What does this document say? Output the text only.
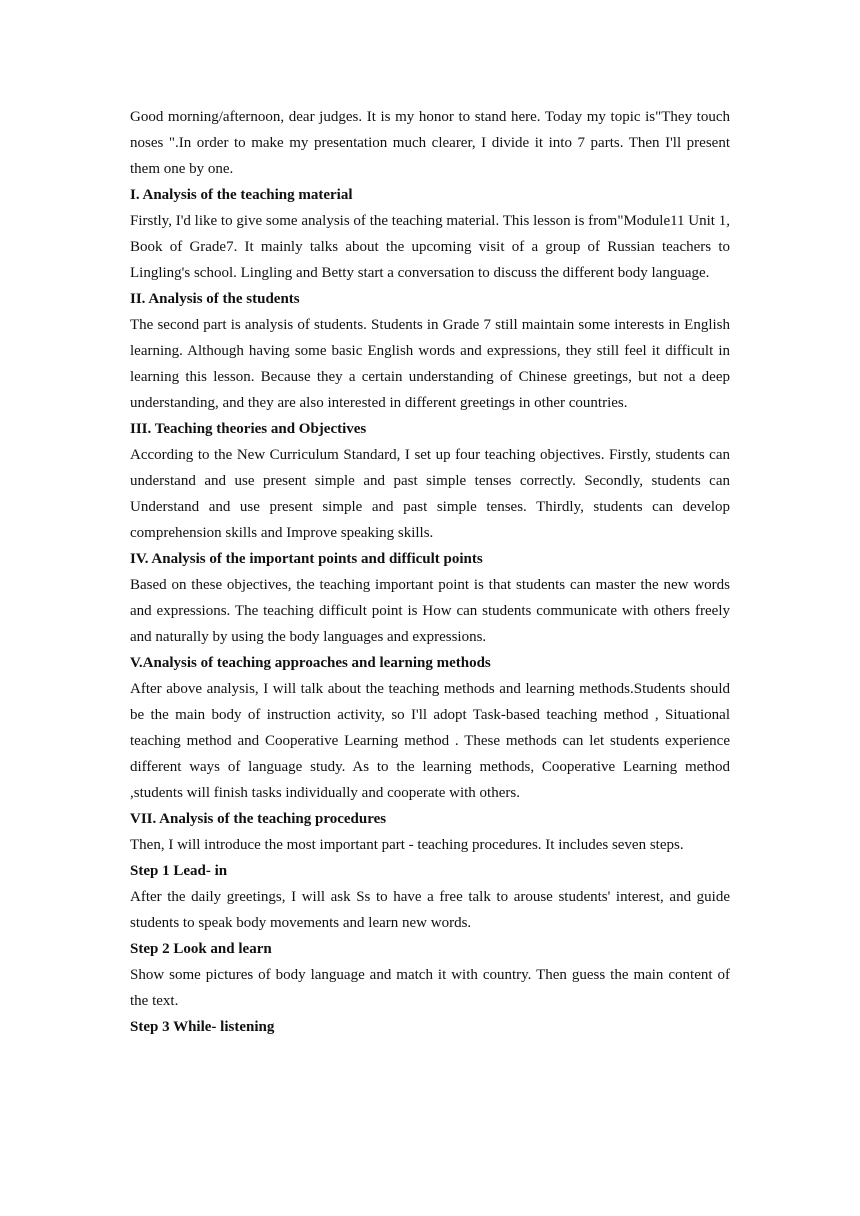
Good morning/afternoon, dear judges. It is my honor to stand here. Today my topic is"They touch noses ".In order to make my presentation much clearer, I divide it into 7 parts. Then I'll present them one by one.

I. Analysis of the teaching material

Firstly, I'd like to give some analysis of the teaching material. This lesson is from"Module11 Unit 1, Book of Grade7. It mainly talks about the upcoming visit of a group of Russian teachers to Lingling's school. Lingling and Betty start a conversation to discuss the different body language.

II. Analysis of the students

The second part is analysis of students. Students in Grade 7 still maintain some interests in English learning. Although having some basic English words and expressions, they still feel it difficult in learning this lesson. Because they a certain understanding of Chinese greetings, but not a deep understanding, and they are also interested in different greetings in other countries.

III. Teaching theories and Objectives

According to the New Curriculum Standard, I set up four teaching objectives. Firstly, students can understand and use present simple and past simple tenses correctly. Secondly, students can Understand and use present simple and past simple tenses. Thirdly, students can develop comprehension skills and Improve speaking skills.

IV. Analysis of the important points and difficult points

Based on these objectives, the teaching important point is that students can master the new words and expressions. The teaching difficult point is How can students communicate with others freely and naturally by using the body languages and expressions.

V.Analysis of teaching approaches and learning methods

After above analysis, I will talk about the teaching methods and learning methods.Students should be the main body of instruction activity, so I'll adopt Task-based teaching method , Situational teaching method and Cooperative Learning method . These methods can let students experience different ways of language study. As to the learning methods, Cooperative Learning method ,students will finish tasks individually and cooperate with others.

VII. Analysis of the teaching procedures

Then, I will introduce the most important part - teaching procedures. It includes seven steps.

Step 1 Lead- in

After the daily greetings, I will ask Ss to have a free talk to arouse students' interest, and guide students to speak body movements and learn new words.

Step 2 Look and learn

Show some pictures of body language and match it with country. Then guess the main content of the text.

Step 3 While- listening
